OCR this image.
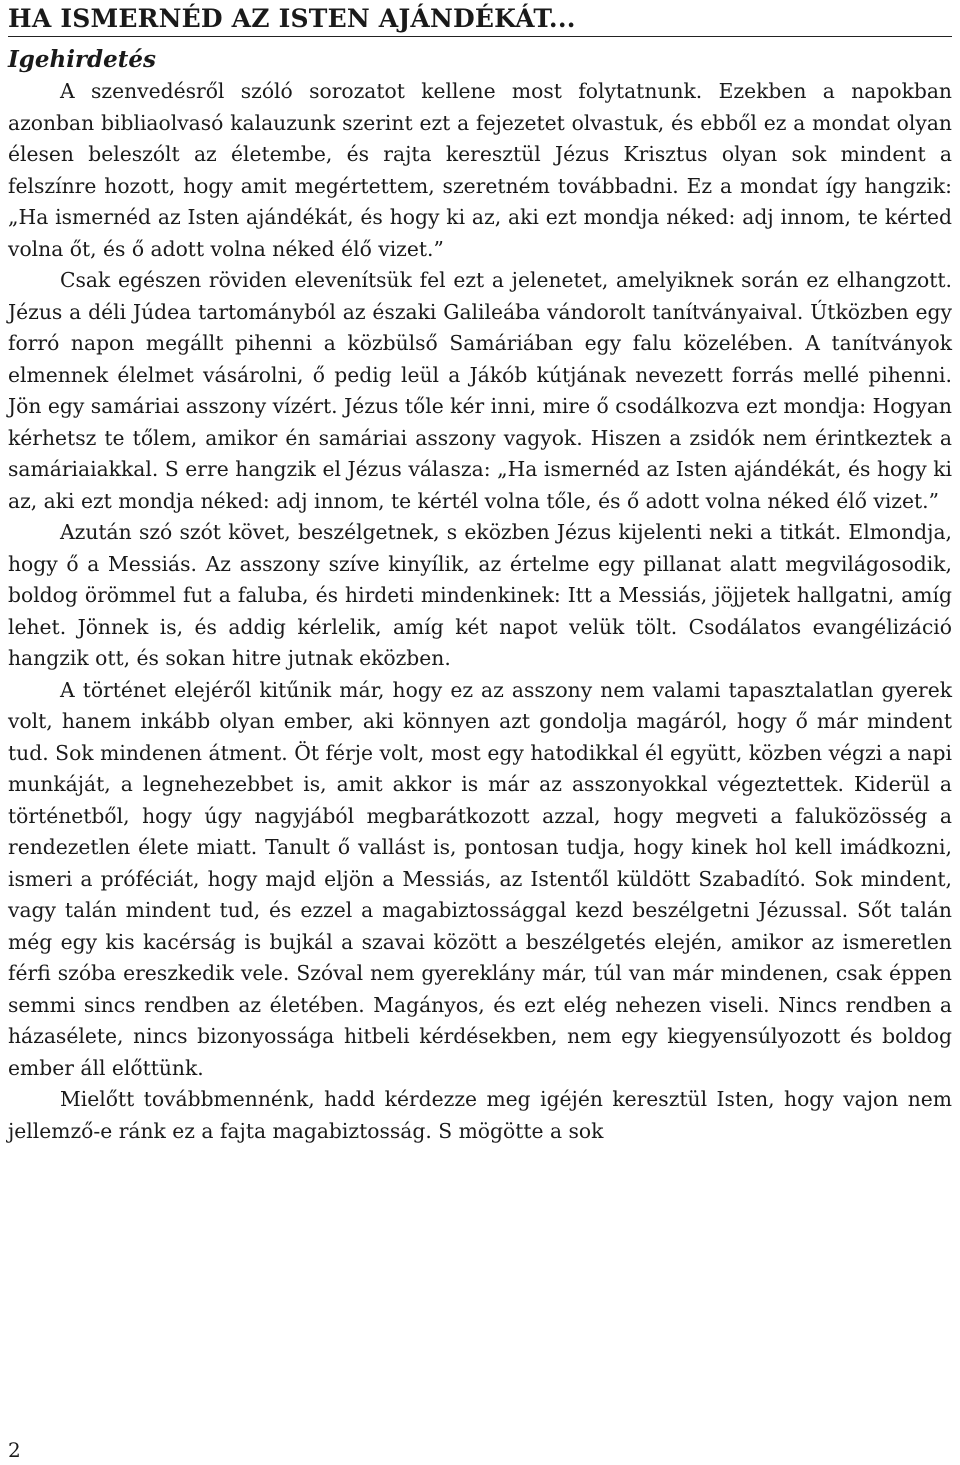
HA ISMERNÉD AZ ISTEN AJÁNDÉKÁT...
Igehirdetés

A szenvedésről szóló sorozatot kellene most folytatnunk. Ezekben a napokban azonban bibliaolvasó kalauzunk szerint ezt a fejezetet olvastuk, és ebből ez a mondat olyan élesen beleszólt az életembe, és rajta keresztül Jézus Krisztus olyan sok mindent a felszínre hozott, hogy amit megértettem, szeretném továbbadni. Ez a mondat így hangzik: „Ha ismernéd az Isten ajándékát, és hogy ki az, aki ezt mondja néked: adj innom, te kérted volna őt, és ő adott volna néked élő vizet.”

Csak egészen röviden elevenítsük fel ezt a jelenetet, amelyiknek során ez elhangzott. Jézus a déli Júdea tartományból az északi Galileába vándorolt tanítványaival. Útközben egy forró napon megállt pihenni a közbülső Samáriában egy falu közelében. A tanítványok elmennek élelmet vásárolni, ő pedig leül a Jákób kútjának nevezett forrás mellé pihenni. Jön egy samáriai asszony vízért. Jézus tőle kér inni, mire ő csodálkozva ezt mondja: Hogyan kérhetsz te tőlem, amikor én samáriai asszony vagyok. Hiszen a zsidók nem érintkeztek a samáriaiakkal. S erre hangzik el Jézus válasza: „Ha ismernéd az Isten ajándékát, és hogy ki az, aki ezt mondja néked: adj innom, te kértél volna tőle, és ő adott volna néked élő vizet.”

Azután szó szót követ, beszélgetnek, s eközben Jézus kijelenti neki a titkát. Elmondja, hogy ő a Messiás. Az asszony szíve kinyílik, az értelme egy pillanat alatt megvilágosodik, boldog örömmel fut a faluba, és hirdeti mindenkinek: Itt a Messiás, jöjjetek hallgatni, amíg lehet. Jönnek is, és addig kérlelik, amíg két napot velük tölt. Csodálatos evangélizáció hangzik ott, és sokan hitre jutnak eközben.

A történet elejéről kitűnik már, hogy ez az asszony nem valami tapasztalatlan gyerek volt, hanem inkább olyan ember, aki könnyen azt gondolja magáról, hogy ő már mindent tud. Sok mindenen átment. Öt férje volt, most egy hatodikkal él együtt, közben végzi a napi munkáját, a legnehezebbet is, amit akkor is már az asszonyokkal végeztettek. Kiderül a történetből, hogy úgy nagyjából megbarátkozott azzal, hogy megveti a faluközösség a rendezetlen élete miatt. Tanult ő vallást is, pontosan tudja, hogy kinek hol kell imádkozni, ismeri a próféciát, hogy majd eljön a Messiás, az Istentől küldött Szabadító. Sok mindent, vagy talán mindent tud, és ezzel a magabiztossággal kezd beszélgetni Jézussal. Sőt talán még egy kis kacérság is bujkál a szavai között a beszélgetés elején, amikor az ismeretlen férfi szóba ereszkedik vele. Szóval nem gyereklány már, túl van már mindenen, csak éppen semmi sincs rendben az életében. Magányos, és ezt elég nehezen viseli. Nincs rendben a házasélete, nincs bizonyossága hitbeli kérdésekben, nem egy kiegyensúlyozott és boldog ember áll előttünk.

Mielőtt továbbmennénk, hadd kérdezze meg igéjén keresztül Isten, hogy vajon nem jellemző-e ránk ez a fajta magabiztosság. S mögötte a sok

2
